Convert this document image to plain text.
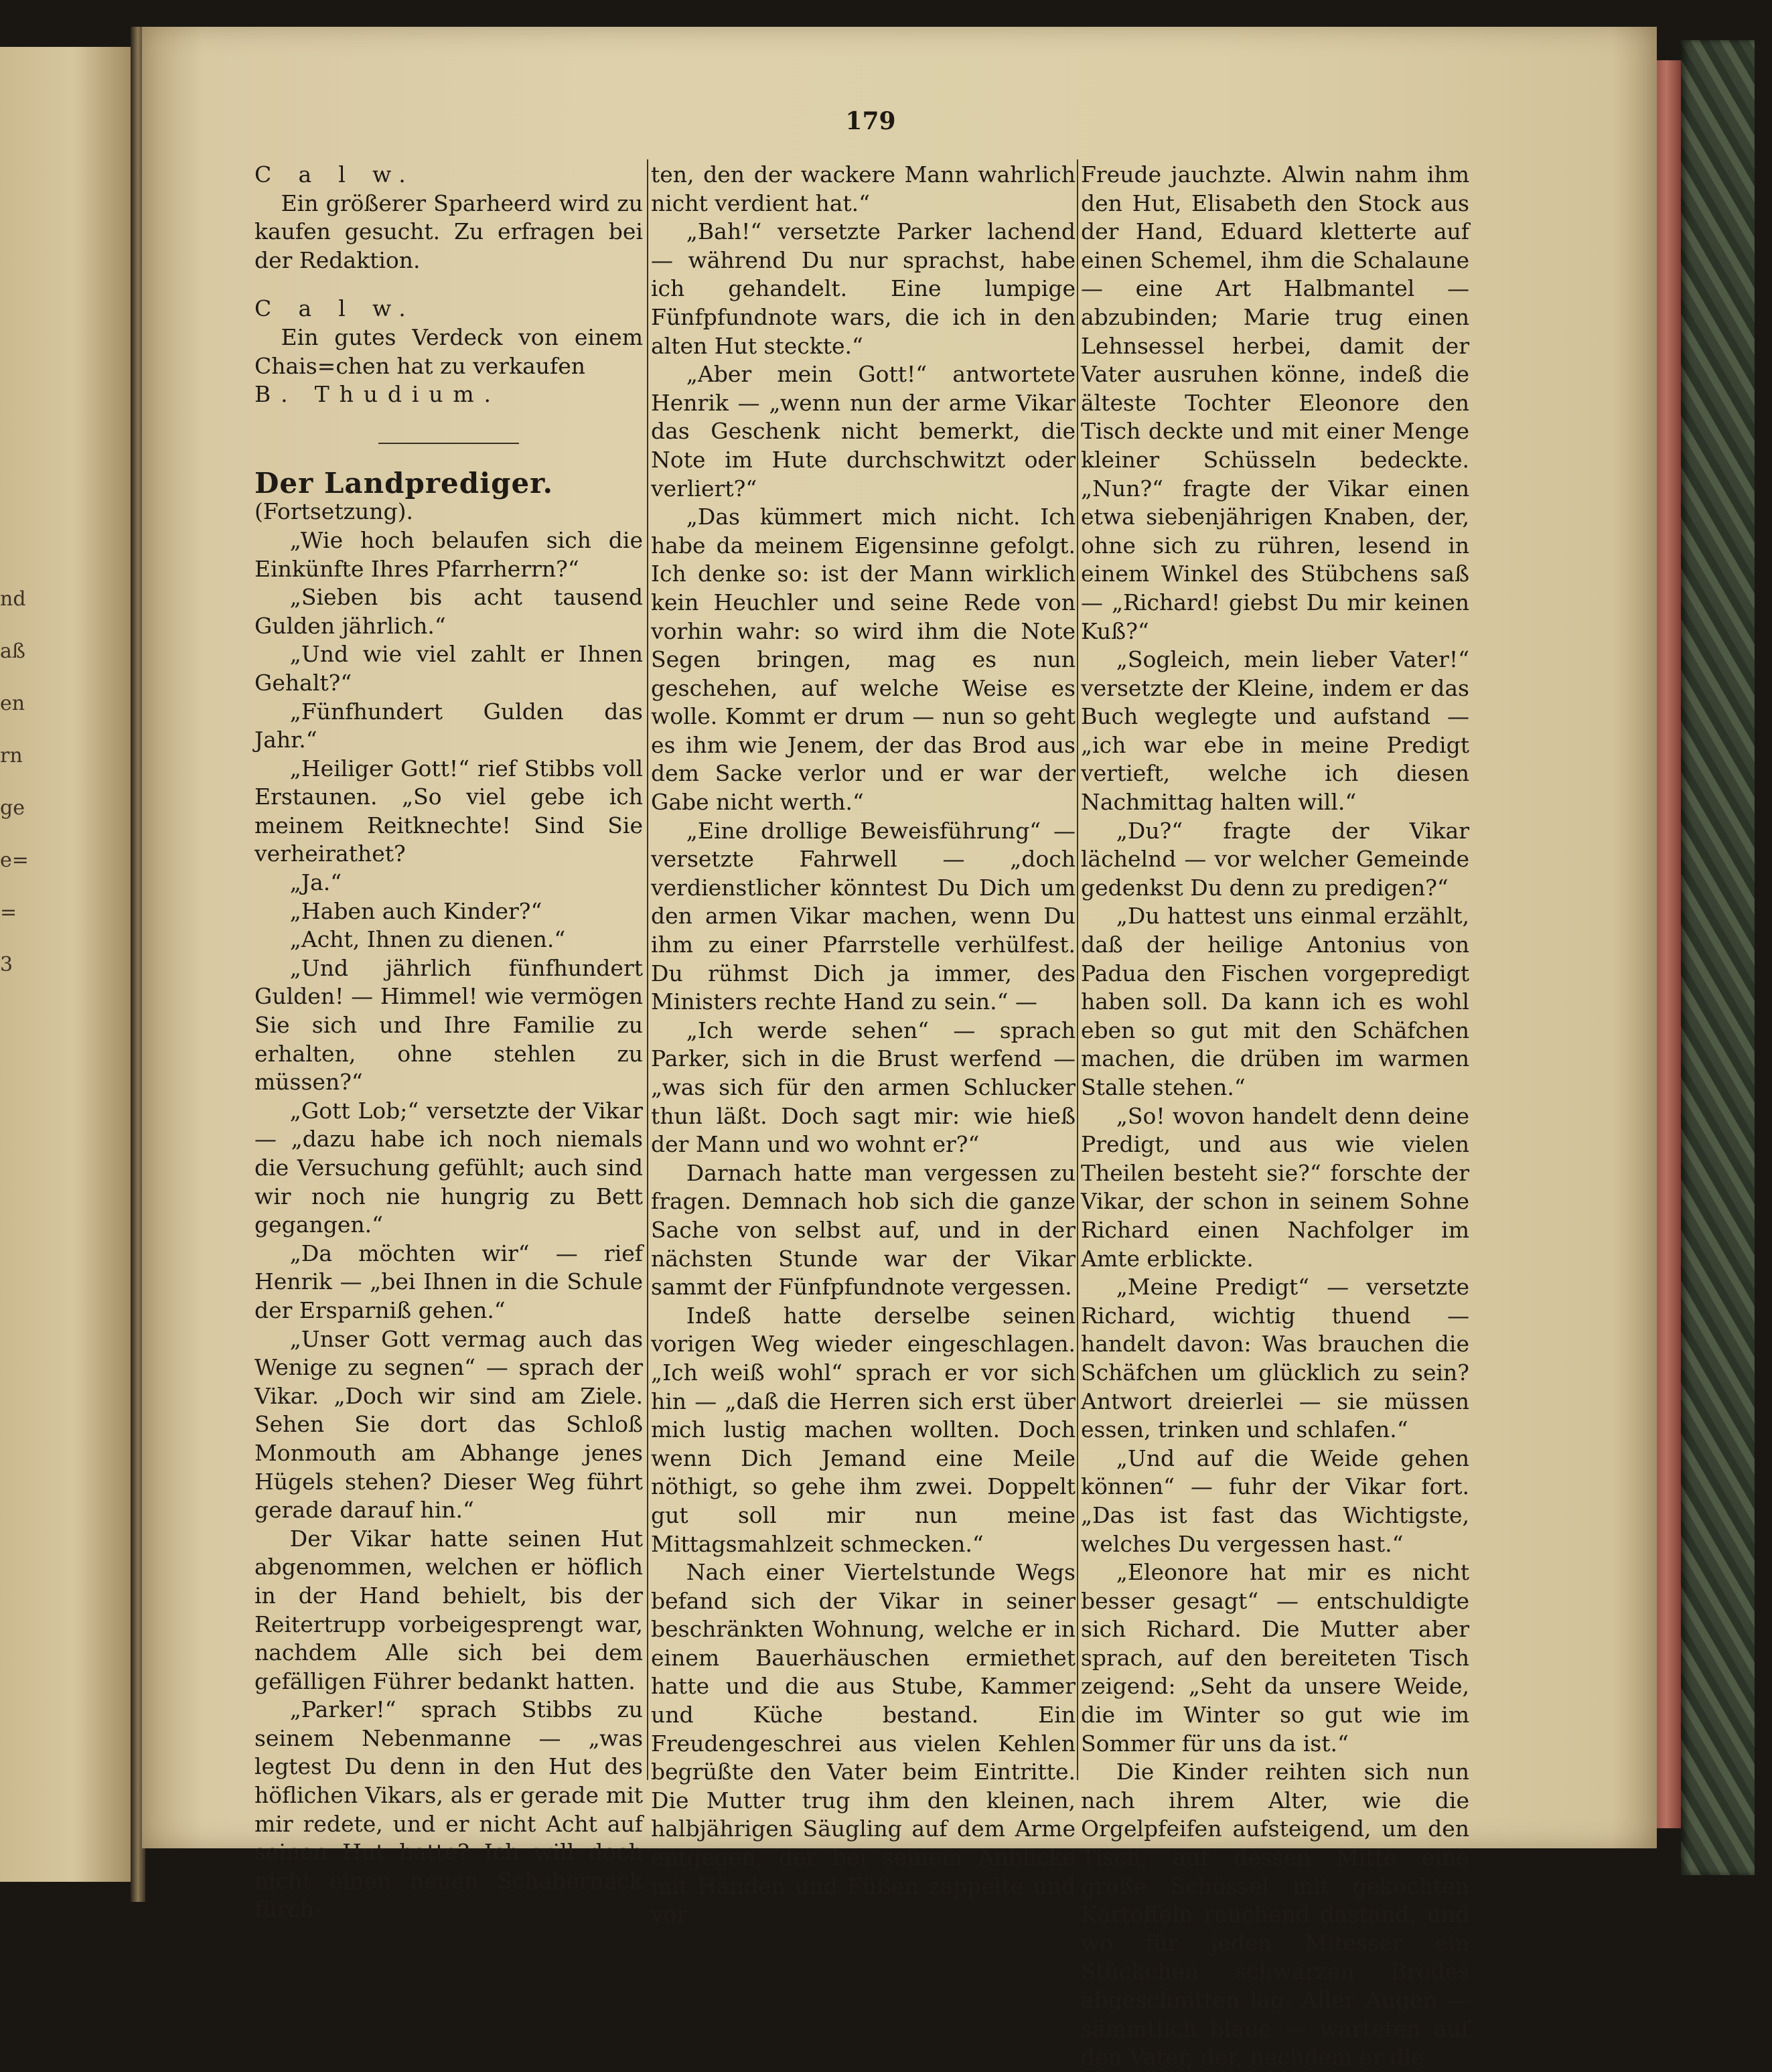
nd
aß
en
rn
ge
e=
=
3
179

C a l w.

Ein größerer Sparheerd wird zu kaufen gesucht. Zu erfragen bei der Redaktion.

C a l w.

Ein gutes Verdeck von einem Chais=chen hat zu verkaufen

B. Thudium.

Der Landprediger.

(Fortsetzung).

„Wie hoch belaufen sich die Einkünfte Ihres Pfarrherrn?“

„Sieben bis acht tausend Gulden jährlich.“

„Und wie viel zahlt er Ihnen Gehalt?“

„Fünfhundert Gulden das Jahr.“

„Heiliger Gott!“ rief Stibbs voll Erstaunen. „So viel gebe ich meinem Reitknechte! Sind Sie verheirathet?

„Ja.“

„Haben auch Kinder?“

„Acht, Ihnen zu dienen.“

„Und jährlich fünfhundert Gulden! — Himmel! wie vermögen Sie sich und Ihre Familie zu erhalten, ohne stehlen zu müssen?“

„Gott Lob;“ versetzte der Vikar — „dazu habe ich noch niemals die Versuchung gefühlt; auch sind wir noch nie hungrig zu Bett gegangen.“

„Da möchten wir“ — rief Henrik — „bei Ihnen in die Schule der Ersparniß gehen.“

„Unser Gott vermag auch das Wenige zu segnen“ — sprach der Vikar. „Doch wir sind am Ziele. Sehen Sie dort das Schloß Monmouth am Abhange jenes Hügels stehen? Dieser Weg führt gerade darauf hin.“

Der Vikar hatte seinen Hut abgenommen, welchen er höflich in der Hand behielt, bis der Reitertrupp vorbeigesprengt war, nachdem Alle sich bei dem gefälligen Führer bedankt hatten.

„Parker!“ sprach Stibbs zu seinem Nebenmanne — „was legtest Du denn in den Hut des höflichen Vikars, als er gerade mit mir redete, und er nicht Acht auf seinen Hut hatte? Ich will doch nicht einen neuen Schabernack fürch-

ten, den der wackere Mann wahrlich nicht verdient hat.“

„Bah!“ versetzte Parker lachend — während Du nur sprachst, habe ich gehandelt. Eine lumpige Fünfpfundnote wars, die ich in den alten Hut steckte.“

„Aber mein Gott!“ antwortete Henrik — „wenn nun der arme Vikar das Geschenk nicht bemerkt, die Note im Hute durchschwitzt oder verliert?“

„Das kümmert mich nicht. Ich habe da meinem Eigensinne gefolgt. Ich denke so: ist der Mann wirklich kein Heuchler und seine Rede von vorhin wahr: so wird ihm die Note Segen bringen, mag es nun geschehen, auf welche Weise es wolle. Kommt er drum — nun so geht es ihm wie Jenem, der das Brod aus dem Sacke verlor und er war der Gabe nicht werth.“

„Eine drollige Beweisführung“ — versetzte Fahrwell — „doch verdienstlicher könntest Du Dich um den armen Vikar machen, wenn Du ihm zu einer Pfarrstelle verhülfest. Du rühmst Dich ja immer, des Ministers rechte Hand zu sein.“ —

„Ich werde sehen“ — sprach Parker, sich in die Brust werfend — „was sich für den armen Schlucker thun läßt. Doch sagt mir: wie hieß der Mann und wo wohnt er?“

Darnach hatte man vergessen zu fragen. Demnach hob sich die ganze Sache von selbst auf, und in der nächsten Stunde war der Vikar sammt der Fünfpfundnote vergessen.

Indeß hatte derselbe seinen vorigen Weg wieder eingeschlagen. „Ich weiß wohl“ sprach er vor sich hin — „daß die Herren sich erst über mich lustig machen wollten. Doch wenn Dich Jemand eine Meile nöthigt, so gehe ihm zwei. Doppelt gut soll mir nun meine Mittagsmahlzeit schmecken.“

Nach einer Viertelstunde Wegs befand sich der Vikar in seiner beschränkten Wohnung, welche er in einem Bauerhäuschen ermiethet hatte und die aus Stube, Kammer und Küche bestand. Ein Freudengeschrei aus vielen Kehlen begrüßte den Vater beim Eintritte. Die Mutter trug ihm den kleinen, halbjährigen Säugling auf dem Arme entgegen, der bei seinem Anblicke mit Händen und Füßen zappelte und vor

Freude jauchzte. Alwin nahm ihm den Hut, Elisabeth den Stock aus der Hand, Eduard kletterte auf einen Schemel, ihm die Schalaune — eine Art Halbmantel — abzubinden; Marie trug einen Lehnsessel herbei, damit der Vater ausruhen könne, indeß die älteste Tochter Eleonore den Tisch deckte und mit einer Menge kleiner Schüsseln bedeckte. „Nun?“ fragte der Vikar einen etwa siebenjährigen Knaben, der, ohne sich zu rühren, lesend in einem Winkel des Stübchens saß — „Richard! giebst Du mir keinen Kuß?“

„Sogleich, mein lieber Vater!“ versetzte der Kleine, indem er das Buch weglegte und aufstand — „ich war ebe in meine Predigt vertieft, welche ich diesen Nachmittag halten will.“

„Du?“ fragte der Vikar lächelnd — vor welcher Gemeinde gedenkst Du denn zu predigen?“

„Du hattest uns einmal erzählt, daß der heilige Antonius von Padua den Fischen vorgepredigt haben soll. Da kann ich es wohl eben so gut mit den Schäfchen machen, die drüben im warmen Stalle stehen.“

„So! wovon handelt denn deine Predigt, und aus wie vielen Theilen besteht sie?“ forschte der Vikar, der schon in seinem Sohne Richard einen Nachfolger im Amte erblickte.

„Meine Predigt“ — versetzte Richard, wichtig thuend — handelt davon: Was brauchen die Schäfchen um glücklich zu sein? Antwort dreierlei — sie müssen essen, trinken und schlafen.“

„Und auf die Weide gehen können“ — fuhr der Vikar fort. „Das ist fast das Wichtigste, welches Du vergessen hast.“

„Eleonore hat mir es nicht besser gesagt“ — entschuldigte sich Richard. Die Mutter aber sprach, auf den bereiteten Tisch zeigend: „Seht da unsere Weide, die im Winter so gut wie im Sommer für uns da ist.“

Die Kinder reihten sich nun nach ihrem Alter, wie die Orgelpfeifen aufsteigend, um den Tisch, auf dessen Mitte eine große Schüssel mit gekochten Kartoffeln rauchend dastand, und wo für jeden Mitesser ein Stückchen schwarzen Brodes abgeschnitten lag. Aller Augen — sämmtlich blaue — warteten auf den Vater, der, nachdem er die
